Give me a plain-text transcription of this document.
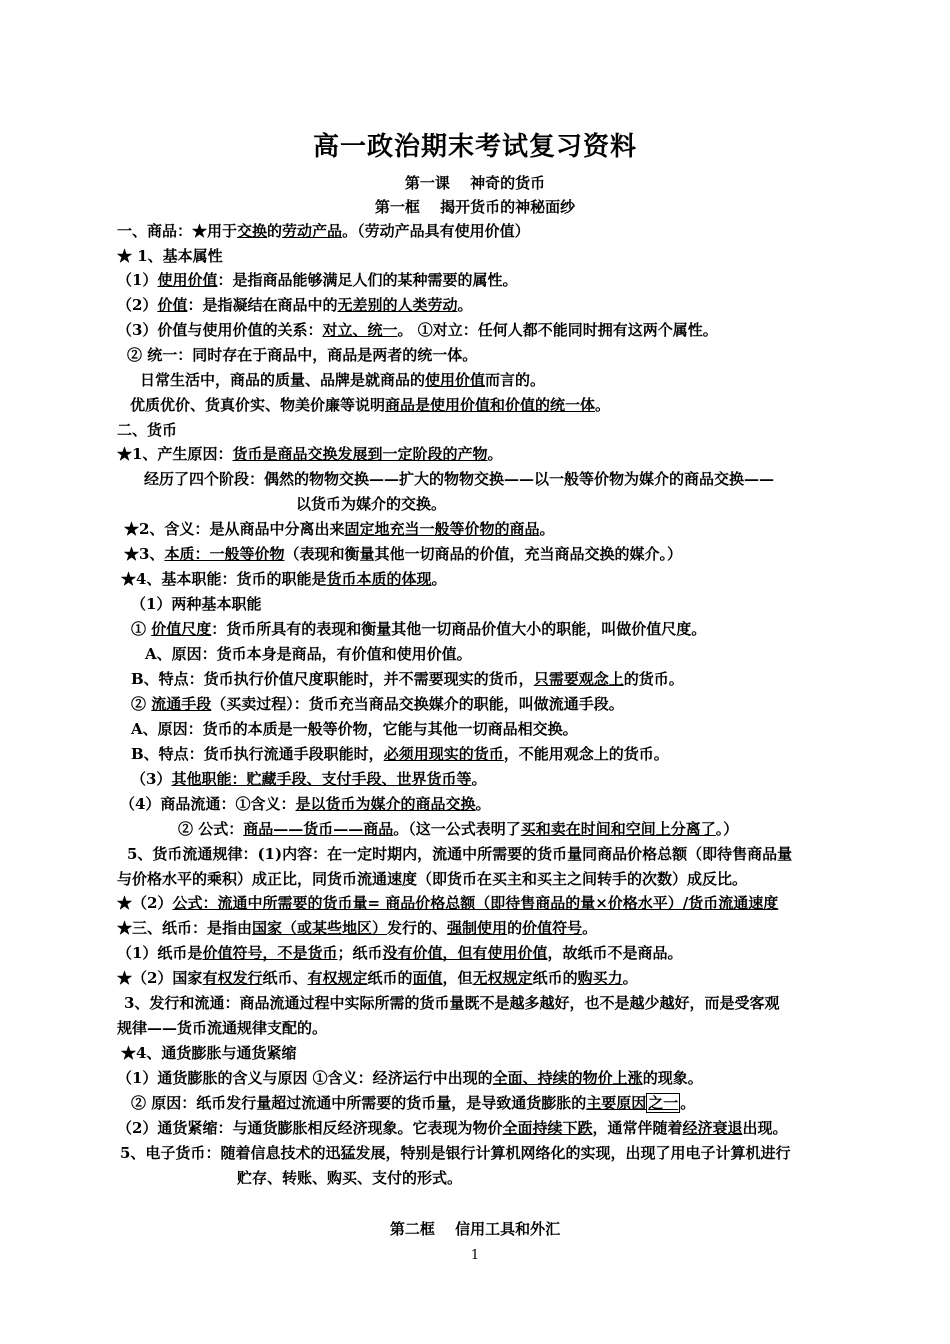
高一政治期末考试复习资料
第一课　 神奇的货币
第一框　 揭开货币的神秘面纱
一、商品：★用于交换的劳动产品。（劳动产品具有使用价值）
★ 1、基本属性
（1）使用价值：是指商品能够满足人们的某种需要的属性。
（2）价值：是指凝结在商品中的无差别的人类劳动。
（3）价值与使用价值的关系：对立、统一。 ①对立：任何人都不能同时拥有这两个属性。
② 统一：同时存在于商品中，商品是两者的统一体。
日常生活中，商品的质量、品牌是就商品的使用价值而言的。
优质优价、货真价实、物美价廉等说明商品是使用价值和价值的统一体。
二、货币
★1、产生原因：货币是商品交换发展到一定阶段的产物。
经历了四个阶段：偶然的物物交换——扩大的物物交换——以一般等价物为媒介的商品交换——
以货币为媒介的交换。
★2、含义：是从商品中分离出来固定地充当一般等价物的商品。
★3、本质：一般等价物（表现和衡量其他一切商品的价值，充当商品交换的媒介。）
★4、基本职能：货币的职能是货币本质的体现。
（1）两种基本职能
① 价值尺度：货币所具有的表现和衡量其他一切商品价值大小的职能，叫做价值尺度。
A、原因：货币本身是商品，有价值和使用价值。
B、特点：货币执行价值尺度职能时，并不需要现实的货币，只需要观念上的货币。
② 流通手段（买卖过程）：货币充当商品交换媒介的职能，叫做流通手段。
A、原因：货币的本质是一般等价物，它能与其他一切商品相交换。
B、特点：货币执行流通手段职能时，必须用现实的货币，不能用观念上的货币。
（3）其他职能：贮藏手段、支付手段、世界货币等。
（4）商品流通：①含义：是以货币为媒介的商品交换。
② 公式：商品——货币——商品。（这一公式表明了买和卖在时间和空间上分离了。）
5、货币流通规律：(1)内容：在一定时期内，流通中所需要的货币量同商品价格总额（即待售商品量
与价格水平的乘积）成正比，同货币流通速度（即货币在买主和买主之间转手的次数）成反比。
★（2）公式：流通中所需要的货币量= 商品价格总额（即待售商品的量×价格水平）/货币流通速度
★三、纸币：是指由国家（或某些地区）发行的、强制使用的价值符号。
（1）纸币是价值符号，不是货币；纸币没有价值，但有使用价值，故纸币不是商品。
★（2）国家有权发行纸币、有权规定纸币的面值，但无权规定纸币的购买力。
3、发行和流通：商品流通过程中实际所需的货币量既不是越多越好，也不是越少越好，而是受客观
规律——货币流通规律支配的。
★4、通货膨胀与通货紧缩
（1）通货膨胀的含义与原因 ①含义：经济运行中出现的全面、持续的物价上涨的现象。
② 原因：纸币发行量超过流通中所需要的货币量，是导致通货膨胀的主要原因 之一 。
（2）通货紧缩：与通货膨胀相反经济现象。它表现为物价全面持续下跌，通常伴随着经济衰退出现。
5、电子货币：随着信息技术的迅猛发展，特别是银行计算机网络化的实现，出现了用电子计算机进行
贮存、转账、购买、支付的形式。
第二框　 信用工具和外汇
1
